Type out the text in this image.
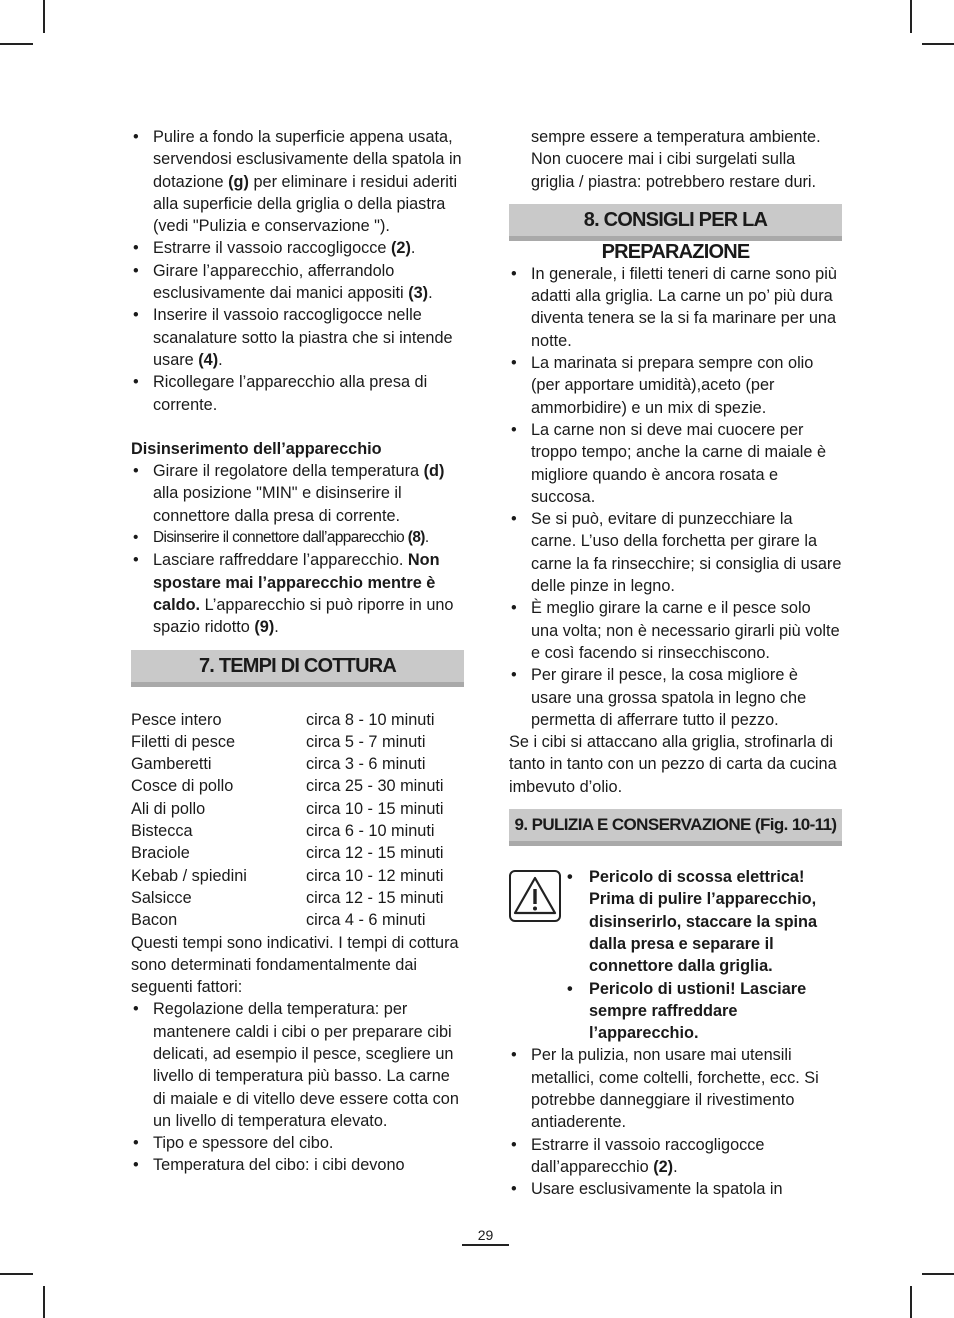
• Pulire a fondo la superficie appena usata, servendosi esclusivamente della spatola in dotazione (g) per eliminare i residui aderiti alla superficie della griglia o della piastra (vedi "Pulizia e conservazione ").
• Estrarre il vassoio raccogligocce (2).
• Girare l’apparecchio, afferrandolo esclusivamente dai manici appositi (3).
• Inserire il vassoio raccogligocce nelle scanalature sotto la piastra che si intende usare (4).
• Ricollegare l’apparecchio alla presa di corrente.

Disinserimento dell’apparecchio

• Girare il regolatore della temperatura (d) alla posizione "MIN" e disinserire il connettore dalla presa di corrente.
• Disinserire il connettore dall’apparecchio (8).
• Lasciare raffreddare l’apparecchio. Non spostare mai l’apparecchio mentre è caldo. L’apparecchio si può riporre in uno spazio ridotto (9).
7. TEMPI DI COTTURA
Pesce intero	circa 8 - 10 minuti
Filetti di pesce	circa 5 - 7 minuti
Gamberetti	circa 3 - 6 minuti
Cosce di pollo	circa 25 - 30 minuti
Ali di pollo	circa 10 - 15 minuti
Bistecca	circa 6 - 10 minuti
Braciole	circa 12 - 15 minuti
Kebab / spiedini	circa 10 - 12 minuti
Salsicce	circa 12 - 15 minuti
Bacon	circa 4 - 6 minuti

Questi tempi sono indicativi. I tempi di cottura sono determinati fondamentalmente dai seguenti fattori:

• Regolazione della temperatura: per mantenere caldi i cibi o per preparare cibi delicati, ad esempio il pesce, scegliere un livello di temperatura più basso. La carne di maiale e di vitello deve essere cotta con un livello di temperatura elevato.
• Tipo e spessore del cibo.
• Temperatura del cibo: i cibi devono

sempre essere a temperatura ambiente. Non cuocere mai i cibi surgelati sulla griglia / piastra: potrebbero restare duri.

8. CONSIGLI PER LA PREPARAZIONE
• In generale, i filetti teneri di carne sono più adatti alla griglia. La carne un po’ più dura diventa tenera se la si fa marinare per una notte.
• La marinata si prepara sempre con olio (per apportare umidità),aceto (per ammorbidire) e un mix di spezie.
• La carne non si deve mai cuocere per troppo tempo; anche la carne di maiale è migliore quando è ancora rosata e succosa.
• Se si può, evitare di punzecchiare la carne. L’uso della forchetta per girare la carne la fa rinsecchire; si consiglia di usare delle pinze in legno.
• È meglio girare la carne e il pesce solo una volta; non è necessario girarli più volte e così facendo si rinsecchiscono.
• Per girare il pesce, la cosa migliore è usare una grossa spatola in legno che permetta di afferrare tutto il pezzo.

Se i cibi si attaccano alla griglia, strofinarla di tanto in tanto con un pezzo di carta da cucina imbevuto d’olio.

9. PULIZIA E CONSERVAZIONE (Fig. 10-11)
• Pericolo di scossa elettrica! Prima di pulire l’apparecchio, disinserirlo, staccare la spina dalla presa e separare il connettore dalla griglia.
• Pericolo di ustioni! Lasciare sempre raffreddare l’apparecchio.
• Per la pulizia, non usare mai utensili metallici, come coltelli, forchette, ecc. Si potrebbe danneggiare il rivestimento antiaderente.
• Estrarre il vassoio raccogligocce dall’apparecchio (2).
• Usare esclusivamente la spatola in
29
